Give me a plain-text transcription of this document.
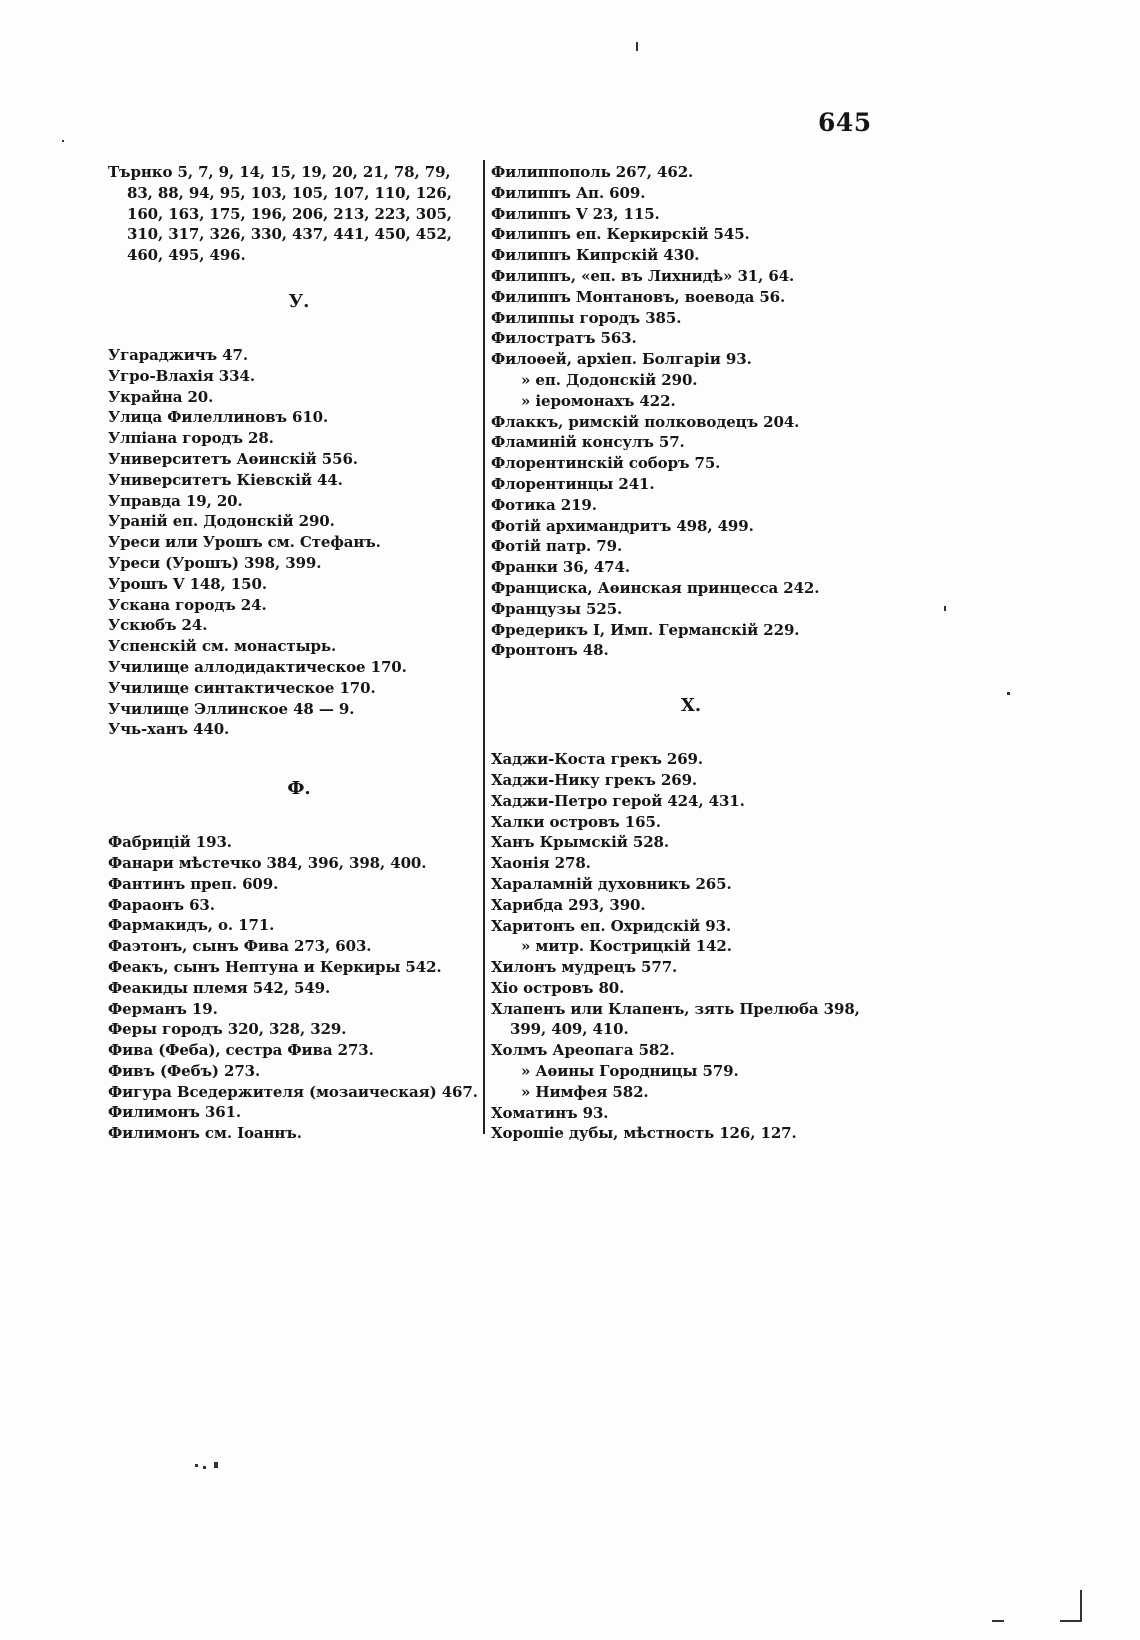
645
Търнко 5, 7, 9, 14, 15, 19, 20, 21, 78, 79,
83, 88, 94, 95, 103, 105, 107, 110, 126,
160, 163, 175, 196, 206, 213, 223, 305,
310, 317, 326, 330, 437, 441, 450, 452,
460, 495, 496.
У.
Угараджичъ 47.
Угро-Влахія 334.
Украйна 20.
Улица Филеллиновъ 610.
Улпіана городъ 28.
Университетъ Аѳинскій 556.
Университетъ Кіевскій 44.
Управда 19, 20.
Ураній еп. Додонскій 290.
Уреси или Урошъ см. Стефанъ.
Уреси (Урошъ) 398, 399.
Урошъ V 148, 150.
Ускана городъ 24.
Ускюбъ 24.
Успенскій см. монастырь.
Училище аллодидактическое 170.
Училище синтактическое 170.
Училище Эллинское 48 — 9.
Учь-ханъ 440.
Ф.
Фабрицій 193.
Фанари мѣстечко 384, 396, 398, 400.
Фантинъ преп. 609.
Фараонъ 63.
Фармакидъ, о. 171.
Фаэтонъ, сынъ Фива 273, 603.
Феакъ, сынъ Нептуна и Керкиры 542.
Феакиды племя 542, 549.
Ферманъ 19.
Феры городъ 320, 328, 329.
Фива (Феба), сестра Фива 273.
Фивъ (Фебъ) 273.
Фигура Вседержителя (мозаическая) 467.
Филимонъ 361.
Филимонъ см. Іоаннъ.
Филиппополь 267, 462.
Филиппъ Ап. 609.
Филиппъ V 23, 115.
Филиппъ еп. Керкирскій 545.
Филиппъ Кипрскій 430.
Филиппъ, «еп. въ Лихнидѣ» 31, 64.
Филиппъ Монтановъ, воевода 56.
Филиппы городъ 385.
Филостратъ 563.
Филоѳей, архіеп. Болгаріи 93.
» еп. Додонскій 290.
» іеромонахъ 422.
Флаккъ, римскій полководецъ 204.
Фламиній консулъ 57.
Флорентинскій соборъ 75.
Флорентинцы 241.
Фотика 219.
Фотій архимандритъ 498, 499.
Фотій патр. 79.
Франки 36, 474.
Франциска, Аѳинская принцесса 242.
Французы 525.
Фредерикъ I, Имп. Германскій 229.
Фронтонъ 48.
Х.
Хаджи-Коста грекъ 269.
Хаджи-Нику грекъ 269.
Хаджи-Петро герой 424, 431.
Халки островъ 165.
Ханъ Крымскій 528.
Хаонія 278.
Хараламній духовникъ 265.
Харибда 293, 390.
Харитонъ еп. Охридскій 93.
» митр. Кострицкій 142.
Хилонъ мудрецъ 577.
Хіо островъ 80.
Хлапенъ или Клапенъ, зять Прелюба 398,
399, 409, 410.
Холмъ Ареопага 582.
» Аѳины Городницы 579.
» Нимфея 582.
Хоматинъ 93.
Хорошіе дубы, мѣстность 126, 127.
